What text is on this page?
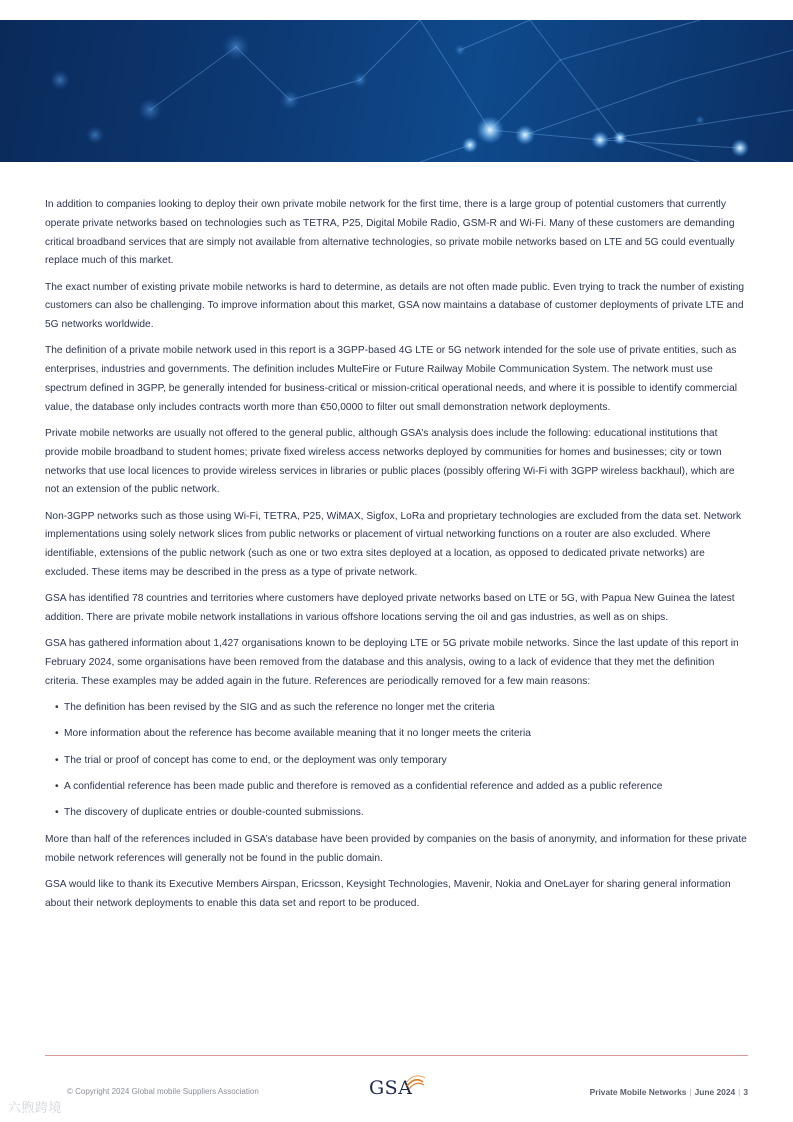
In addition to companies looking to deploy their own private mobile network for the first time, there is a large group of potential customers that currently operate private networks based on technologies such as TETRA, P25, Digital Mobile Radio, GSM-R and Wi-Fi. Many of these customers are demanding critical broadband services that are simply not available from alternative technologies, so private mobile networks based on LTE and 5G could eventually replace much of this market.

The exact number of existing private mobile networks is hard to determine, as details are not often made public. Even trying to track the number of existing customers can also be challenging. To improve information about this market, GSA now maintains a database of customer deployments of private LTE and 5G networks worldwide.

The definition of a private mobile network used in this report is a 3GPP-based 4G LTE or 5G network intended for the sole use of private entities, such as enterprises, industries and governments. The definition includes MulteFire or Future Railway Mobile Communication System. The network must use spectrum defined in 3GPP, be generally intended for business-critical or mission-critical operational needs, and where it is possible to identify commercial value, the database only includes contracts worth more than €50,0000 to filter out small demonstration network deployments.

Private mobile networks are usually not offered to the general public, although GSA’s analysis does include the following: educational institutions that provide mobile broadband to student homes; private fixed wireless access networks deployed by communities for homes and businesses; city or town networks that use local licences to provide wireless services in libraries or public places (possibly offering Wi-Fi with 3GPP wireless backhaul), which are not an extension of the public network.

Non-3GPP networks such as those using Wi-Fi, TETRA, P25, WiMAX, Sigfox, LoRa and proprietary technologies are excluded from the data set. Network implementations using solely network slices from public networks or placement of virtual networking functions on a router are also excluded. Where identifiable, extensions of the public network (such as one or two extra sites deployed at a location, as opposed to dedicated private networks) are excluded. These items may be described in the press as a type of private network.

GSA has identified 78 countries and territories where customers have deployed private networks based on LTE or 5G, with Papua New Guinea the latest addition. There are private mobile network installations in various offshore locations serving the oil and gas industries, as well as on ships.

GSA has gathered information about 1,427 organisations known to be deploying LTE or 5G private mobile networks. Since the last update of this report in February 2024, some organisations have been removed from the database and this analysis, owing to a lack of evidence that they met the definition criteria. These examples may be added again in the future. References are periodically removed for a few main reasons:

• The definition has been revised by the SIG and as such the reference no longer met the criteria
• More information about the reference has become available meaning that it no longer meets the criteria
• The trial or proof of concept has come to end, or the deployment was only temporary
• A confidential reference has been made public and therefore is removed as a confidential reference and added as a public reference
• The discovery of duplicate entries or double-counted submissions.

More than half of the references included in GSA’s database have been provided by companies on the basis of anonymity, and information for these private mobile network references will generally not be found in the public domain.

GSA would like to thank its Executive Members Airspan, Ericsson, Keysight Technologies, Mavenir, Nokia and OneLayer for sharing general information about their network deployments to enable this data set and report to be produced.

© Copyright 2024 Global mobile Suppliers Association	GSA	Private Mobile Networks | June 2024 | 3
六煦跨境
